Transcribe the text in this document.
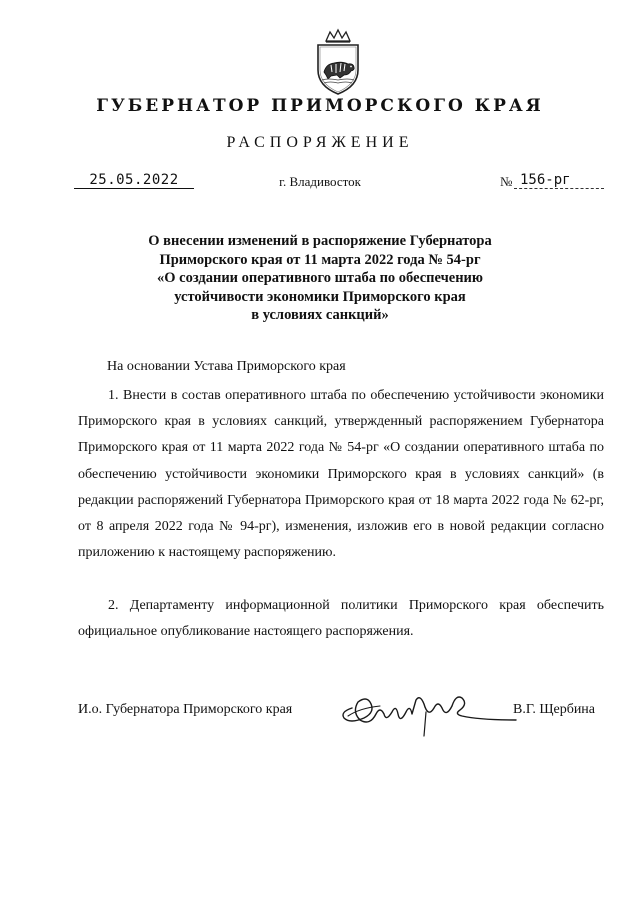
ГУБЕРНАТОР ПРИМОРСКОГО КРАЯ
РАСПОРЯЖЕНИЕ
25.05.2022	г. Владивосток	№ 156-рг
О внесении изменений в распоряжение Губернатора
Приморского края от 11 марта 2022 года № 54-рг
«О создании оперативного штаба по обеспечению
устойчивости экономики Приморского края
в условиях санкций»
На основании Устава Приморского края

1. Внести в состав оперативного штаба по обеспечению устойчивости экономики Приморского края в условиях санкций, утвержденный распоряжением Губернатора Приморского края от 11 марта 2022 года № 54-рг «О создании оперативного штаба по обеспечению устойчивости экономики Приморского края в условиях санкций» (в редакции распоряжений Губернатора Приморского края от 18 марта 2022 года № 62-рг, от 8 апреля 2022 года № 94-рг), изменения, изложив его в новой редакции согласно приложению к настоящему распоряжению.

2. Департаменту информационной политики Приморского края обеспечить официальное опубликование настоящего распоряжения.

И.о. Губернатора Приморского края	В.Г. Щербина
